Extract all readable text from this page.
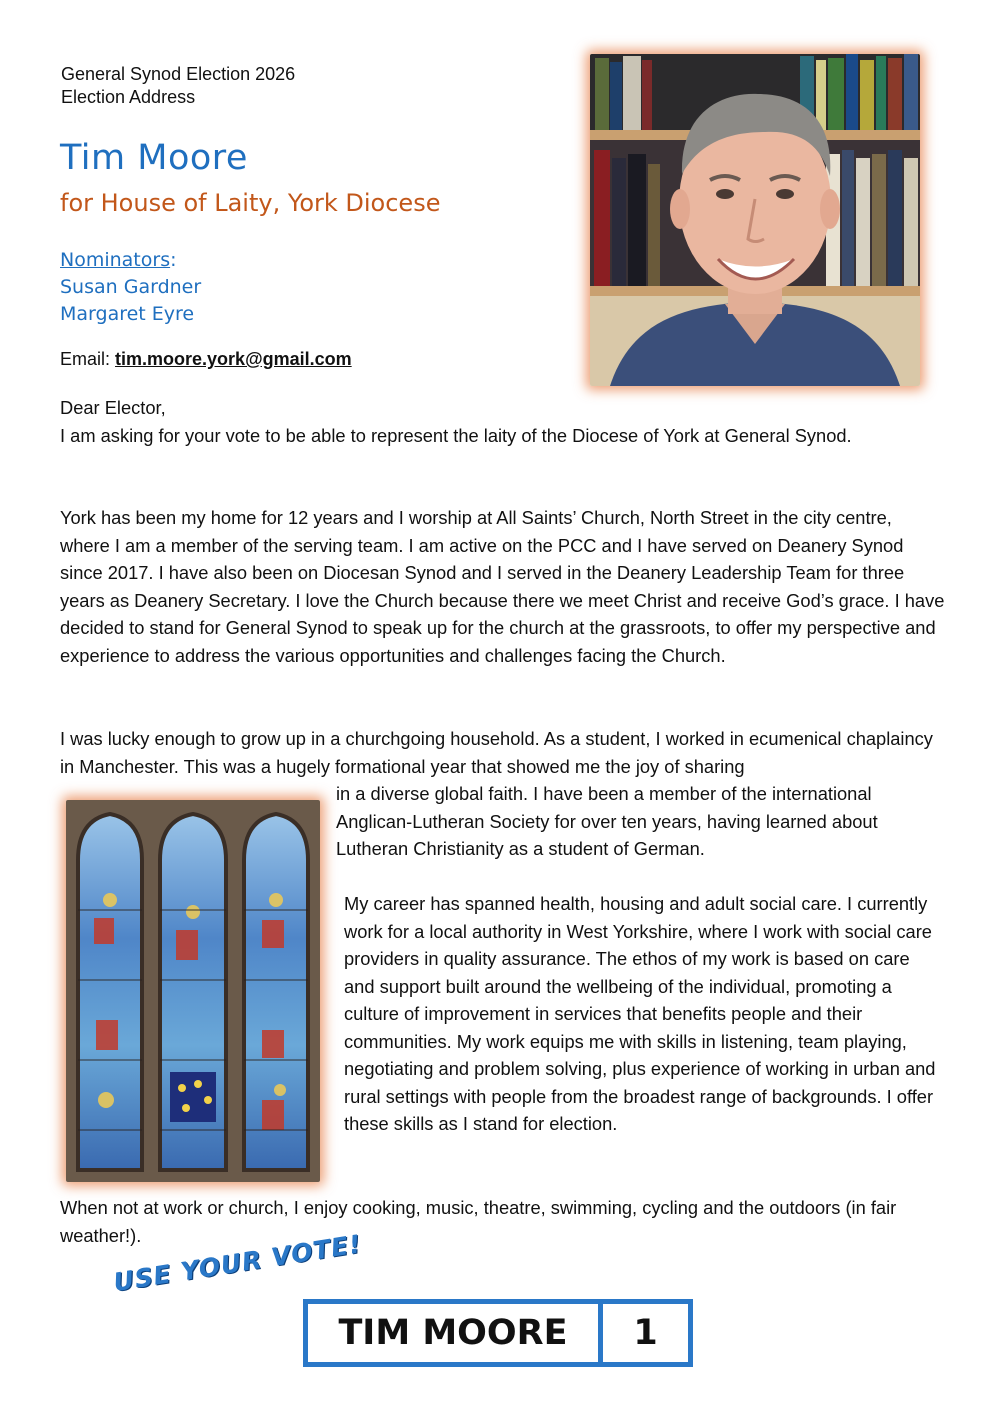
General Synod Election 2026
Election Address
Tim Moore
for House of Laity, York Diocese
Nominators:
Susan Gardner
Margaret Eyre
Email: tim.moore.york@gmail.com
Dear Elector,
I am asking for your vote to be able to represent the laity of the Diocese of York at General Synod.
York has been my home for 12 years and I worship at All Saints’ Church, North Street in the city centre, where I am a member of the serving team. I am active on the PCC and I have served on Deanery Synod since 2017. I have also been on Diocesan Synod and I served in the Deanery Leadership Team for three years as Deanery Secretary. I love the Church because there we meet Christ and receive God’s grace. I have decided to stand for General Synod to speak up for the church at the grassroots, to offer my perspective and experience to address the various opportunities and challenges facing the Church.
I was lucky enough to grow up in a churchgoing household. As a student, I worked in ecumenical chaplaincy in Manchester. This was a hugely formational year that showed me the joy of sharing
in a diverse global faith. I have been a member of the international Anglican-Lutheran Society for over ten years, having learned about Lutheran Christianity as a student of German.
My career has spanned health, housing and adult social care. I currently work for a local authority in West Yorkshire, where I work with social care providers in quality assurance. The ethos of my work is based on care and support built around the wellbeing of the individual, promoting a culture of improvement in services that benefits people and their communities. My work equips me with skills in listening, team playing, negotiating and problem solving, plus experience of working in urban and rural settings with people from the broadest range of backgrounds. I offer these skills as I stand for election.
When not at work or church, I enjoy cooking, music, theatre, swimming, cycling and the outdoors (in fair weather!).
USE YOUR VOTE!
TIM MOORE	1
